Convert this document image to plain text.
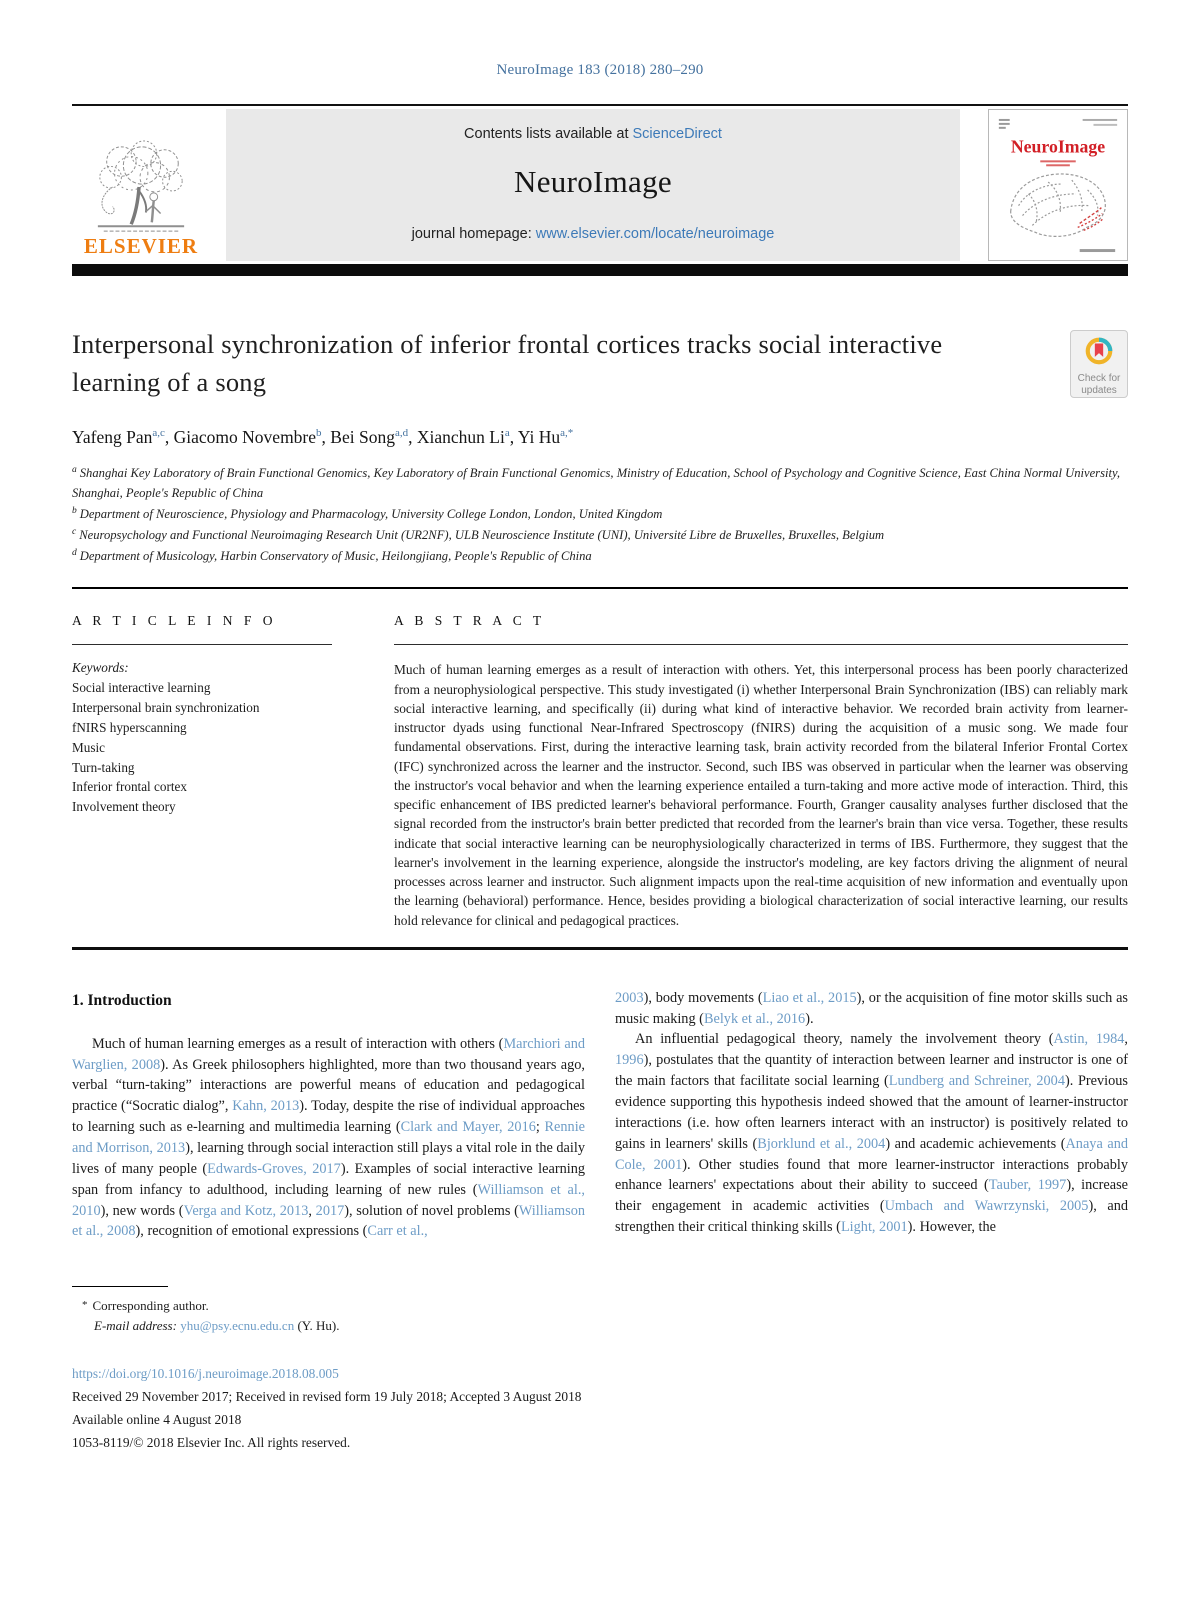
NeuroImage 183 (2018) 280–290
ELSEVIER
Contents lists available at ScienceDirect
NeuroImage
journal homepage: www.elsevier.com/locate/neuroimage
NeuroImage
Interpersonal synchronization of inferior frontal cortices tracks social interactive learning of a song	Check for updates
Yafeng Pan$^{a,c}$ , Giacomo Novembre$^b$ , Bei Song$^{a,d}$ , Xianchun Li$^a$ , Yi $Hu^{a,*}$
$^a$ Shanghai Key Laboratory of Brain Functional Genomics, Key Laboratory of Brain Functional Genomics, Ministry of Education, School of Psychology and Cognitive Science, East China Normal University, Shanghai, People's Republic of China
$^b$ Department of Neuroscience, Physiology and Pharmacology, University College London, London, United Kingdom
$^c$ Neuropsychology and Functional Neuroimaging Research Unit (UR2NF), ULB Neuroscience Institute (UNI), Université Libre de Bruxelles, Bruxelles, Belgium
$^d$ Department of Musicology, Harbin Conservatory of Music, Heilongjiang, People's Republic of China
A R T I C L E I N F O
Keywords:
Social interactive learning
Interpersonal brain synchronization
fNIRS hyperscanning
Music
Turn-taking
Inferior frontal cortex
Involvement theory
A B S T R A C T
Much of human learning emerges as a result of interaction with others. Yet, this interpersonal process has been poorly characterized from a neurophysiological perspective. This study investigated (i) whether Interpersonal Brain Synchronization (IBS) can reliably mark social interactive learning, and specifically (ii) during what kind of interactive behavior. We recorded brain activity from learner-instructor dyads using functional Near-Infrared Spectroscopy (fNIRS) during the acquisition of a music song. We made four fundamental observations. First, during the interactive learning task, brain activity recorded from the bilateral Inferior Frontal Cortex (IFC) synchronized across the learner and the instructor. Second, such IBS was observed in particular when the learner was observing the instructor's vocal behavior and when the learning experience entailed a turn-taking and more active mode of interaction. Third, this specific enhancement of IBS predicted learner's behavioral performance. Fourth, Granger causality analyses further disclosed that the signal recorded from the instructor's brain better predicted that recorded from the learner's brain than vice versa. Together, these results indicate that social interactive learning can be neurophysiologically characterized in terms of IBS. Furthermore, they suggest that the learner's involvement in the learning experience, alongside the instructor's modeling, are key factors driving the alignment of neural processes across learner and instructor. Such alignment impacts upon the real-time acquisition of new information and eventually upon the learning (behavioral) performance. Hence, besides providing a biological characterization of social interactive learning, our results hold relevance for clinical and pedagogical practices.
1. Introduction

Much of human learning emerges as a result of interaction with others (Marchiori and Warglien, 2008). As Greek philosophers highlighted, more than two thousand years ago, verbal “turn-taking” interactions are powerful means of education and pedagogical practice (“Socratic dialog”, Kahn, 2013). Today, despite the rise of individual approaches to learning such as e-learning and multimedia learning (Clark and Mayer, 2016; Rennie and Morrison, 2013), learning through social interaction still plays a vital role in the daily lives of many people (Edwards-Groves, 2017). Examples of social interactive learning span from infancy to adulthood, including learning of new rules (Williamson et al., 2010), new words (Verga and Kotz, 2013, 2017), solution of novel problems (Williamson et al., 2008), recognition of emotional expressions (Carr et al.,

2003), body movements (Liao et al., 2015), or the acquisition of fine motor skills such as music making (Belyk et al., 2016).

An influential pedagogical theory, namely the involvement theory (Astin, 1984, 1996), postulates that the quantity of interaction between learner and instructor is one of the main factors that facilitate social learning (Lundberg and Schreiner, 2004). Previous evidence supporting this hypothesis indeed showed that the amount of learner-instructor interactions (i.e. how often learners interact with an instructor) is positively related to gains in learners' skills (Bjorklund et al., 2004) and academic achievements (Anaya and Cole, 2001). Other studies found that more learner-instructor interactions probably enhance learners' expectations about their ability to succeed (Tauber, 1997), increase their engagement in academic activities (Umbach and Wawrzynski, 2005), and strengthen their critical thinking skills (Light, 2001). However, the

* Corresponding author.
E-mail address: yhu@psy.ecnu.edu.cn (Y. Hu).
https://doi.org/10.1016/j.neuroimage.2018.08.005
Received 29 November 2017; Received in revised form 19 July 2018; Accepted 3 August 2018
Available online 4 August 2018
1053-8119/© 2018 Elsevier Inc. All rights reserved.
